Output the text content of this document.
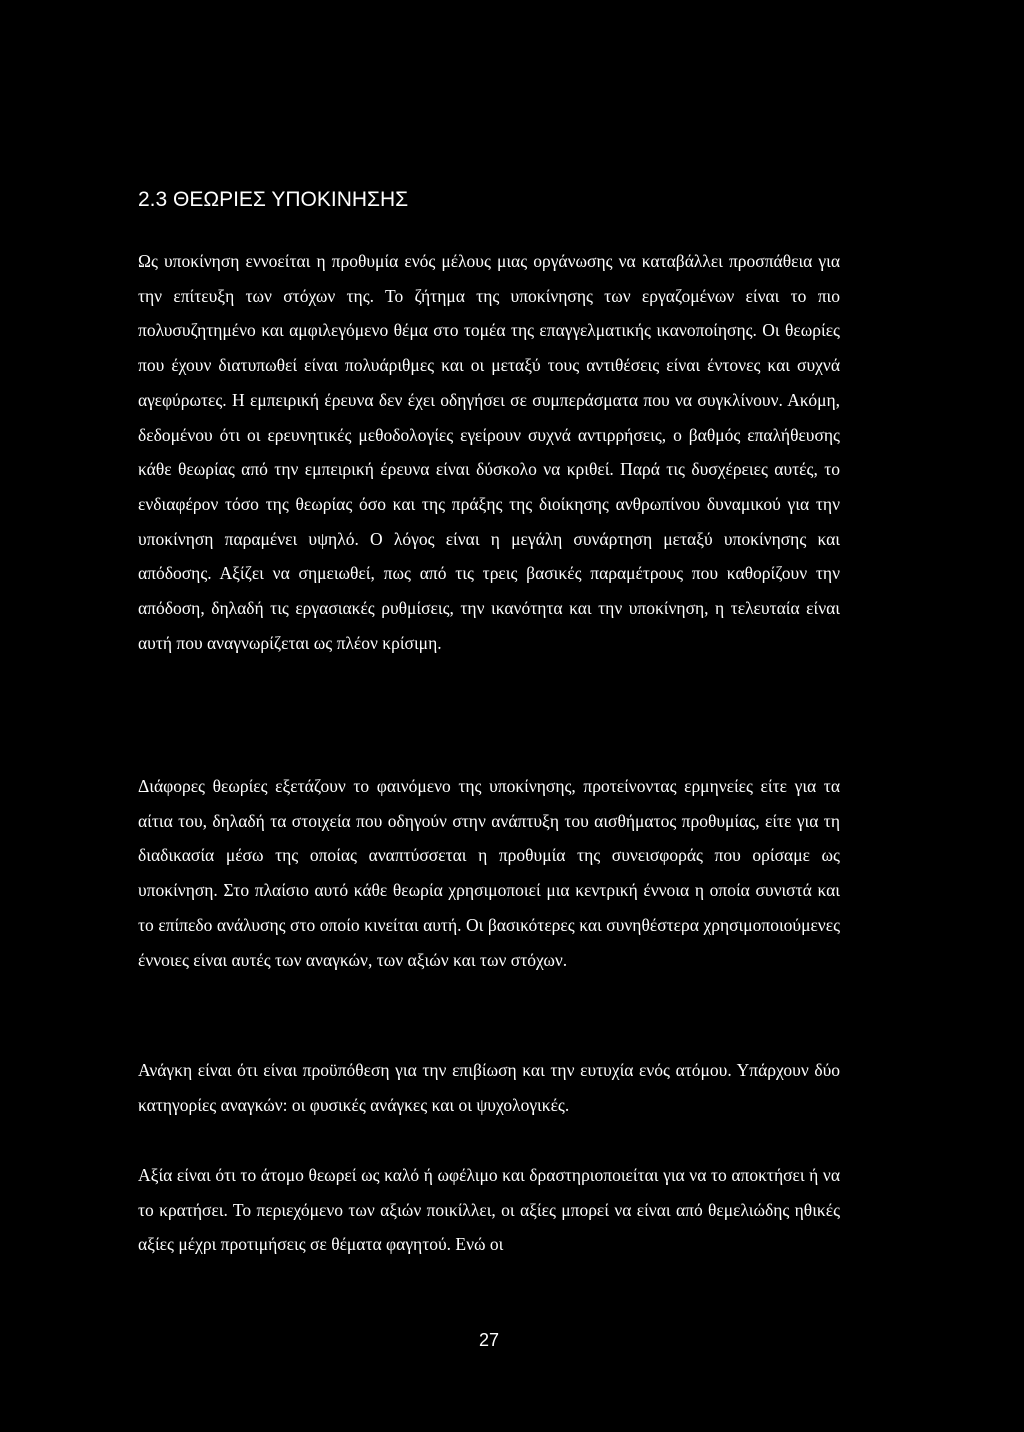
2.3 ΘΕΩΡΙΕΣ ΥΠΟΚΙΝΗΣΗΣ

Ως υποκίνηση εννοείται η προθυμία ενός μέλους μιας οργάνωσης να καταβάλλει προσπάθεια για την επίτευξη των στόχων της. Το ζήτημα της υποκίνησης των εργαζομένων είναι το πιο πολυσυζητημένο και αμφιλεγόμενο θέμα στο τομέα της επαγγελματικής ικανοποίησης. Οι θεωρίες που έχουν διατυπωθεί είναι πολυάριθμες και οι μεταξύ τους αντιθέσεις είναι έντονες και συχνά αγεφύρωτες. Η εμπειρική έρευνα δεν έχει οδηγήσει σε συμπεράσματα που να συγκλίνουν. Ακόμη, δεδομένου ότι οι ερευνητικές μεθοδολογίες εγείρουν συχνά αντιρρήσεις, ο βαθμός επαλήθευσης κάθε θεωρίας από την εμπειρική έρευνα είναι δύσκολο να κριθεί. Παρά τις δυσχέρειες αυτές, το ενδιαφέρον τόσο της θεωρίας όσο και της πράξης της διοίκησης ανθρωπίνου δυναμικού για την υποκίνηση παραμένει υψηλό. Ο λόγος είναι η μεγάλη συνάρτηση μεταξύ υποκίνησης και απόδοσης. Αξίζει να σημειωθεί, πως από τις τρεις βασικές παραμέτρους που καθορίζουν την απόδοση, δηλαδή τις εργασιακές ρυθμίσεις, την ικανότητα και την υποκίνηση, η τελευταία είναι αυτή που αναγνωρίζεται ως πλέον κρίσιμη.

Διάφορες θεωρίες εξετάζουν το φαινόμενο της υποκίνησης, προτείνοντας ερμηνείες είτε για τα αίτια του, δηλαδή τα στοιχεία που οδηγούν στην ανάπτυξη του αισθήματος προθυμίας, είτε για τη διαδικασία μέσω της οποίας αναπτύσσεται η προθυμία της συνεισφοράς που ορίσαμε ως υποκίνηση. Στο πλαίσιο αυτό κάθε θεωρία χρησιμοποιεί μια κεντρική έννοια η οποία συνιστά και το επίπεδο ανάλυσης στο οποίο κινείται αυτή. Οι βασικότερες και συνηθέστερα χρησιμοποιούμενες έννοιες είναι αυτές των αναγκών, των αξιών και των στόχων.

Ανάγκη είναι ότι είναι προϋπόθεση για την επιβίωση και την ευτυχία ενός ατόμου. Υπάρχουν δύο κατηγορίες αναγκών: οι φυσικές ανάγκες και οι ψυχολογικές.

Αξία είναι ότι το άτομο θεωρεί ως καλό ή ωφέλιμο και δραστηριοποιείται για να το αποκτήσει ή να το κρατήσει. Το περιεχόμενο των αξιών ποικίλλει, οι αξίες μπορεί να είναι από θεμελιώδης ηθικές αξίες μέχρι προτιμήσεις σε θέματα φαγητού. Ενώ οι

27
